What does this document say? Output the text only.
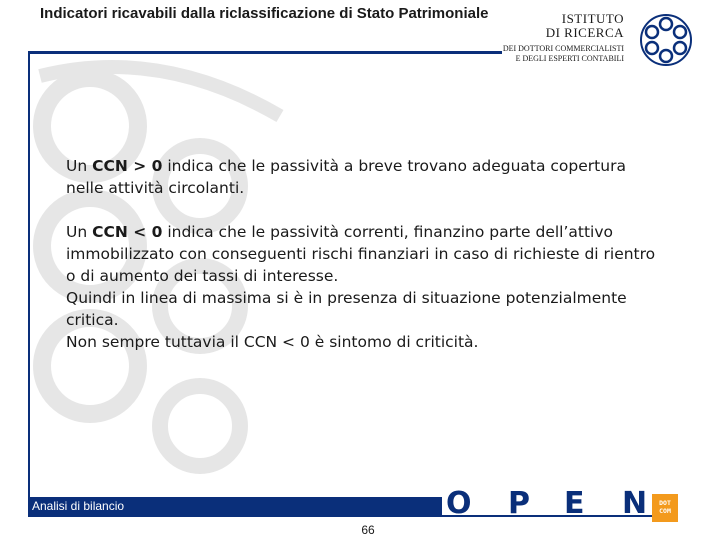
Indicatori ricavabili dalla riclassificazione di Stato Patrimoniale	ISTITUTO
DI RICERCA
DEI DOTTORI COMMERCIALISTI
E DEGLI ESPERTI CONTABILI

Un CCN > 0 indica che le passività a breve trovano adeguata copertura nelle attività circolanti.

Un CCN < 0 indica che le passività correnti, finanzino parte dell’attivo immobilizzato con conseguenti rischi finanziari in caso di richieste di rientro o di aumento dei tassi di interesse.

Quindi in linea di massima si è in presenza di situazione potenzialmente critica.

Non sempre tuttavia il CCN < 0 è sintomo di criticità.

Analisi di bilancio	O P E N	DOT
COM
66
